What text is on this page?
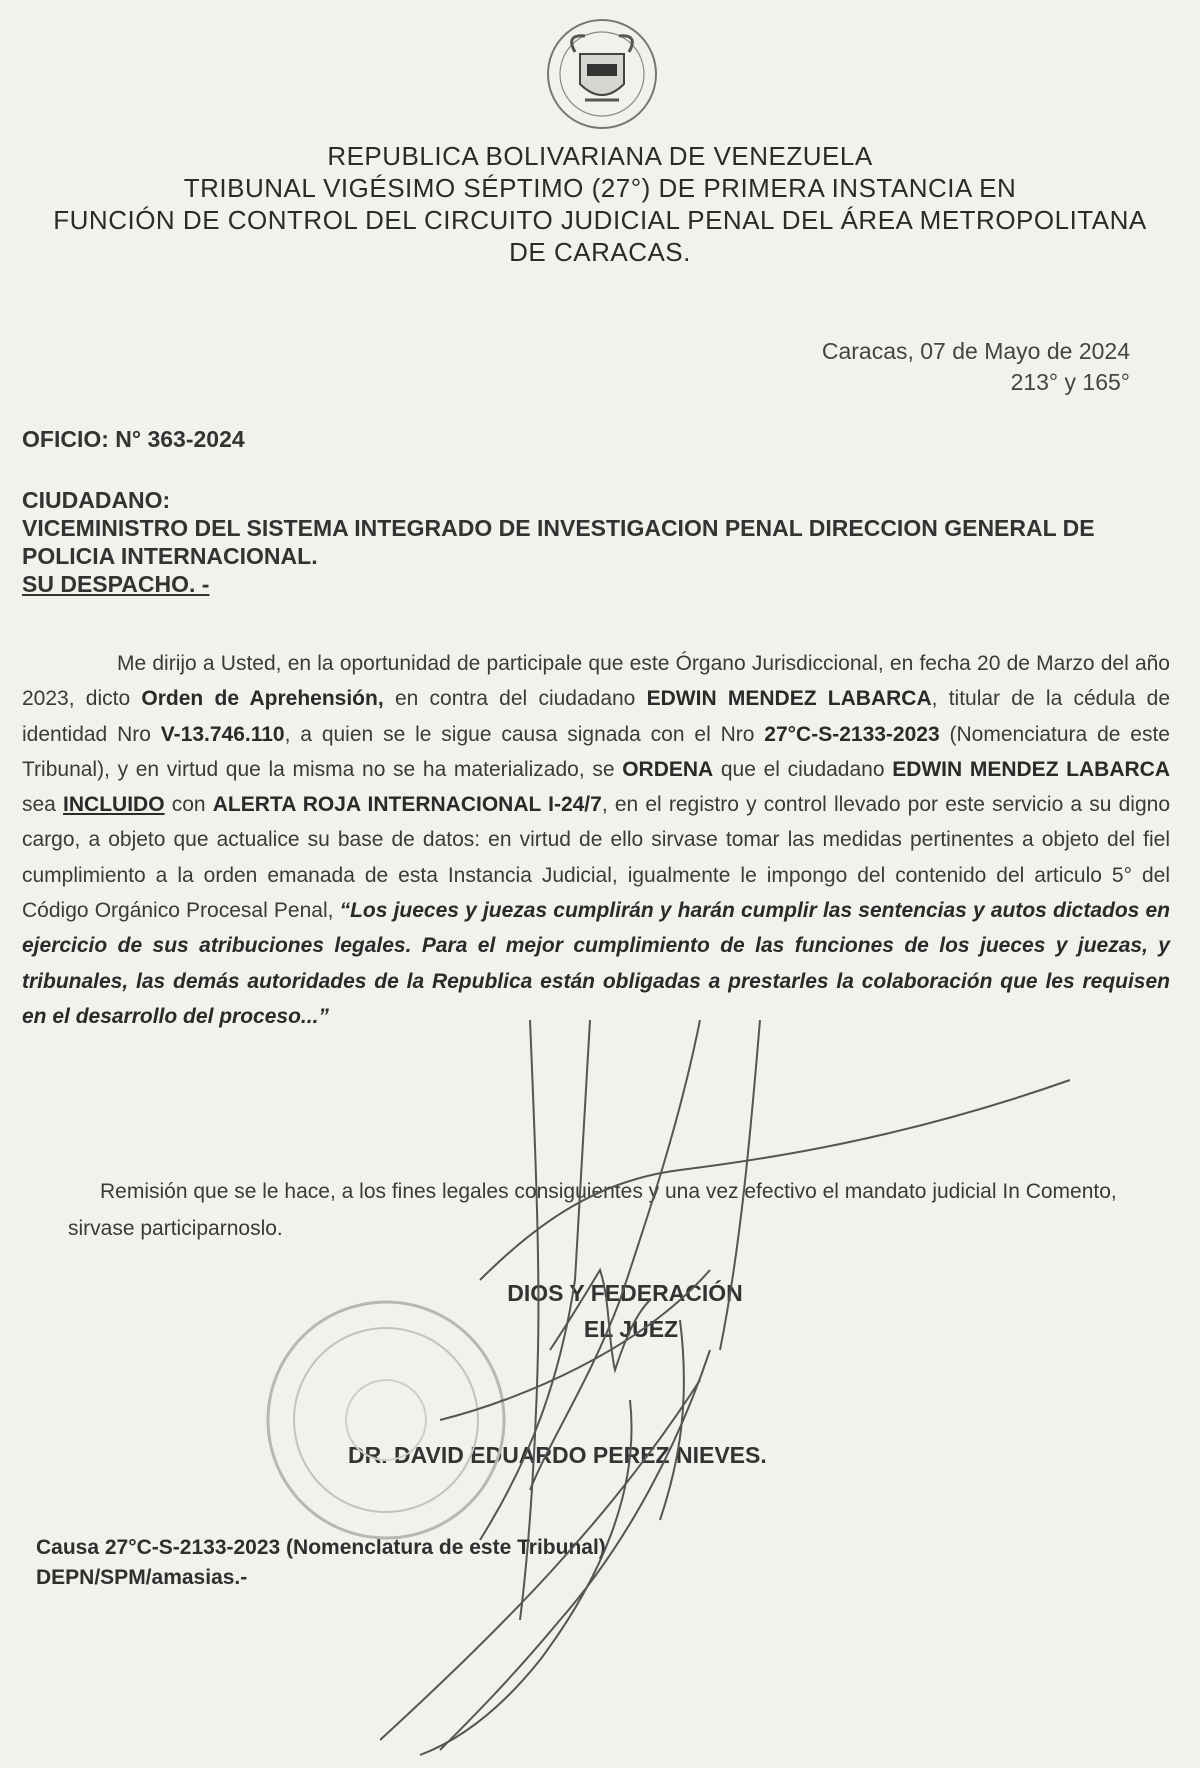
REPUBLICA BOLIVARIANA DE VENEZUELA
TRIBUNAL VIGÉSIMO SÉPTIMO (27°) DE PRIMERA INSTANCIA EN
FUNCIÓN DE CONTROL DEL CIRCUITO JUDICIAL PENAL DEL ÁREA METROPOLITANA
DE CARACAS.
Caracas, 07 de Mayo de 2024
213° y 165°
OFICIO: N° 363-2024
CIUDADANO:
VICEMINISTRO DEL SISTEMA INTEGRADO DE INVESTIGACION PENAL DIRECCION GENERAL DE POLICIA INTERNACIONAL.
SU DESPACHO. -
Me dirijo a Usted, en la oportunidad de participale que este Órgano Jurisdiccional, en fecha 20 de Marzo del año 2023, dicto Orden de Aprehensión, en contra del ciudadano EDWIN MENDEZ LABARCA, titular de la cédula de identidad Nro V-13.746.110, a quien se le sigue causa signada con el Nro 27°C-S-2133-2023 (Nomenciatura de este Tribunal), y en virtud que la misma no se ha materializado, se ORDENA que el ciudadano EDWIN MENDEZ LABARCA sea INCLUIDO con ALERTA ROJA INTERNACIONAL I-24/7, en el registro y control llevado por este servicio a su digno cargo, a objeto que actualice su base de datos: en virtud de ello sirvase tomar las medidas pertinentes a objeto del fiel cumplimiento a la orden emanada de esta Instancia Judicial, igualmente le impongo del contenido del articulo 5° del Código Orgánico Procesal Penal, “Los jueces y juezas cumplirán y harán cumplir las sentencias y autos dictados en ejercicio de sus atribuciones legales. Para el mejor cumplimiento de las funciones de los jueces y juezas, y tribunales, las demás autoridades de la Republica están obligadas a prestarles la colaboración que les requisen en el desarrollo del proceso...”
Remisión que se le hace, a los fines legales consiguientes y una vez efectivo el mandato judicial In Comento, sirvase participarnoslo.
DIOS Y FEDERACIÓN
EL JUEZ
DR. DAVID EDUARDO PEREZ NIEVES.
Causa 27°C-S-2133-2023 (Nomenclatura de este Tribunal)
DEPN/SPM/amasias.-
